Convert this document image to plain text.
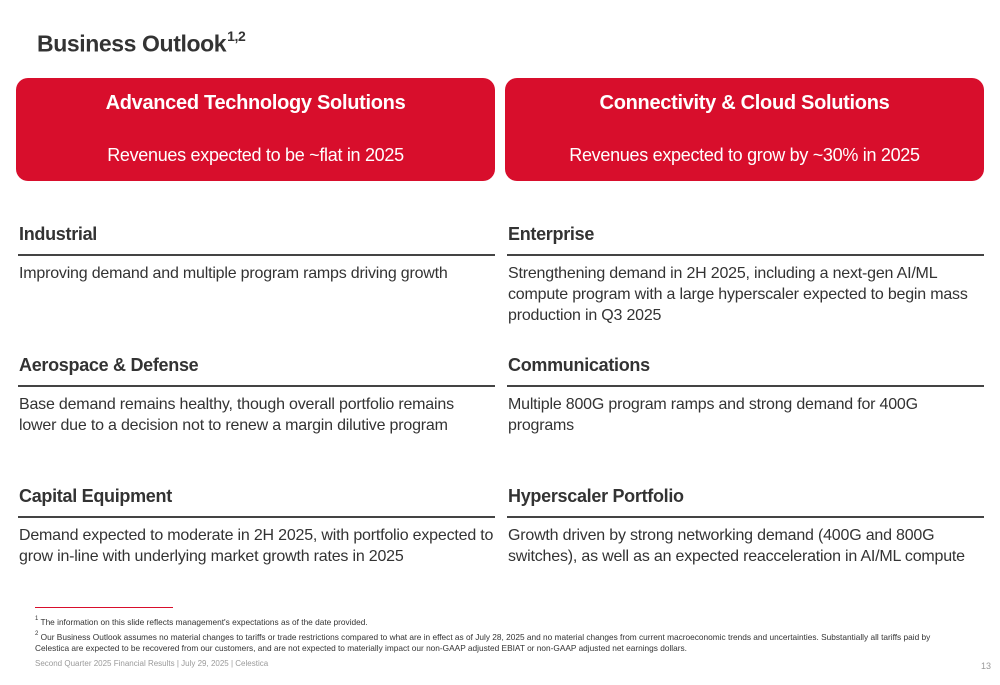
Business Outlook$^{1,2}$
Advanced Technology Solutions
Revenues expected to be ~flat in 2025
Connectivity & Cloud Solutions
Revenues expected to grow by ~30% in 2025
Industrial
Improving demand and multiple program ramps driving growth
Aerospace & Defense
Base demand remains healthy, though overall portfolio remains lower due to a decision not to renew a margin dilutive program
Capital Equipment
Demand expected to moderate in 2H 2025, with portfolio expected to grow in-line with underlying market growth rates in 2025
Enterprise
Strengthening demand in 2H 2025, including a next-gen AI/ML compute program with a large hyperscaler expected to begin mass production in Q3 2025
Communications
Multiple 800G program ramps and strong demand for 400G programs
Hyperscaler Portfolio
Growth driven by strong networking demand (400G and 800G switches), as well as an expected reacceleration in AI/ML compute
$^1$ The information on this slide reflects management's expectations as of the date provided.
$^2$ Our Business Outlook assumes no material changes to tariffs or trade restrictions compared to what are in effect as of July 28, 2025 and no material changes from current macroeconomic trends and uncertainties. Substantially all tariffs paid by Celestica are expected to be recovered from our customers, and are not expected to materially impact our non-GAAP adjusted EBIAT or non-GAAP adjusted net earnings dollars.
Second Quarter 2025 Financial Results | July 29, 2025 | Celestica	13
